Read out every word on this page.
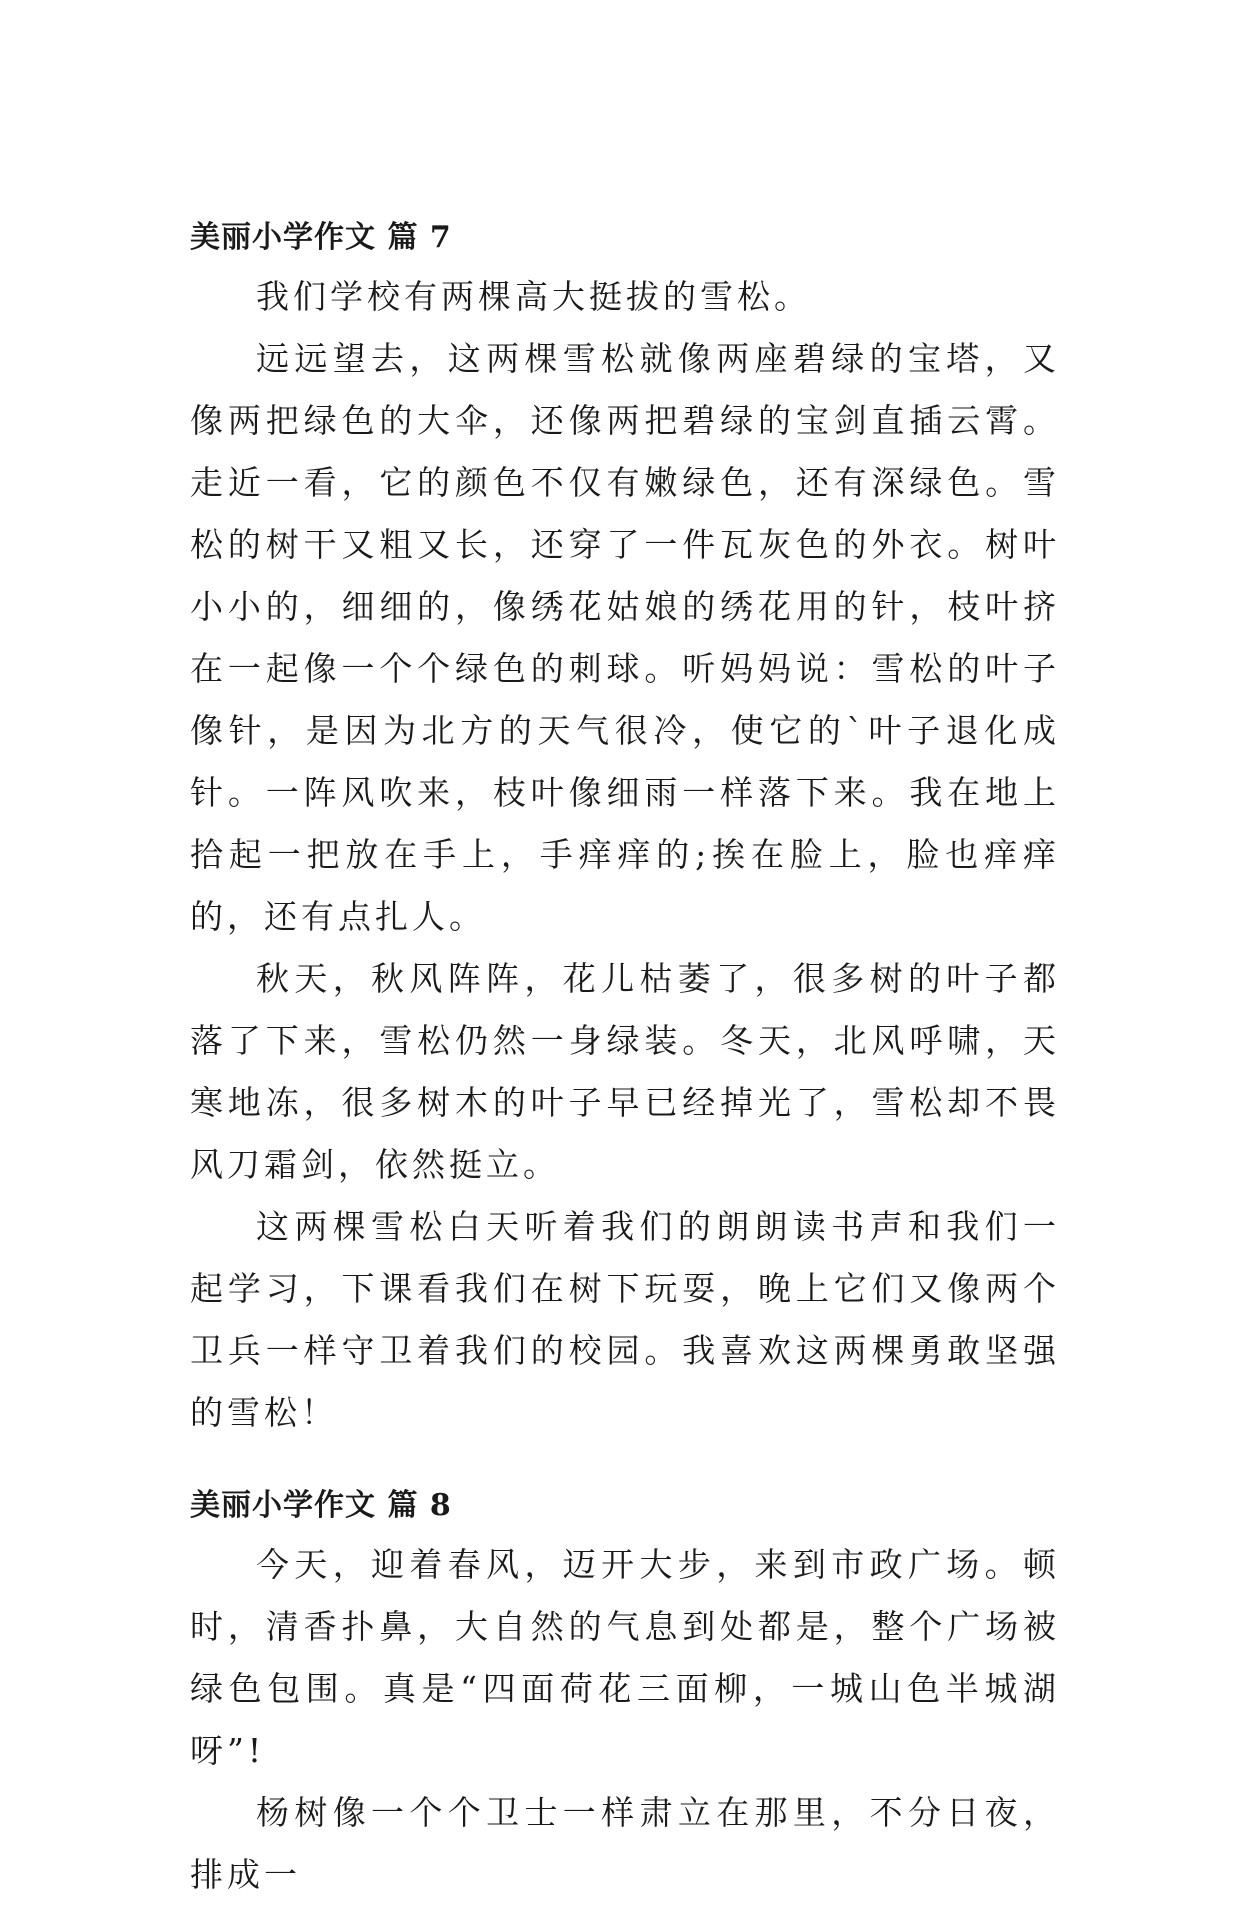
美丽小学作文 篇 7

我们学校有两棵高大挺拔的雪松。

远远望去，这两棵雪松就像两座碧绿的宝塔，又像两把绿色的大伞，还像两把碧绿的宝剑直插云霄。走近一看，它的颜色不仅有嫩绿色，还有深绿色。雪松的树干又粗又长，还穿了一件瓦灰色的外衣。树叶小小的，细细的，像绣花姑娘的绣花用的针，枝叶挤在一起像一个个绿色的刺球。听妈妈说：雪松的叶子像针，是因为北方的天气很冷，使它的`叶子退化成针。一阵风吹来，枝叶像细雨一样落下来。我在地上拾起一把放在手上，手痒痒的;挨在脸上，脸也痒痒的，还有点扎人。

秋天，秋风阵阵，花儿枯萎了，很多树的叶子都落了下来，雪松仍然一身绿装。冬天，北风呼啸，天寒地冻，很多树木的叶子早已经掉光了，雪松却不畏风刀霜剑，依然挺立。

这两棵雪松白天听着我们的朗朗读书声和我们一起学习，下课看我们在树下玩耍，晚上它们又像两个卫兵一样守卫着我们的校园。我喜欢这两棵勇敢坚强的雪松！

美丽小学作文 篇 8

今天，迎着春风，迈开大步，来到市政广场。顿时，清香扑鼻，大自然的气息到处都是，整个广场被绿色包围。真是“四面荷花三面柳，一城山色半城湖呀”!

杨树像一个个卫士一样肃立在那里，不分日夜，排成一
